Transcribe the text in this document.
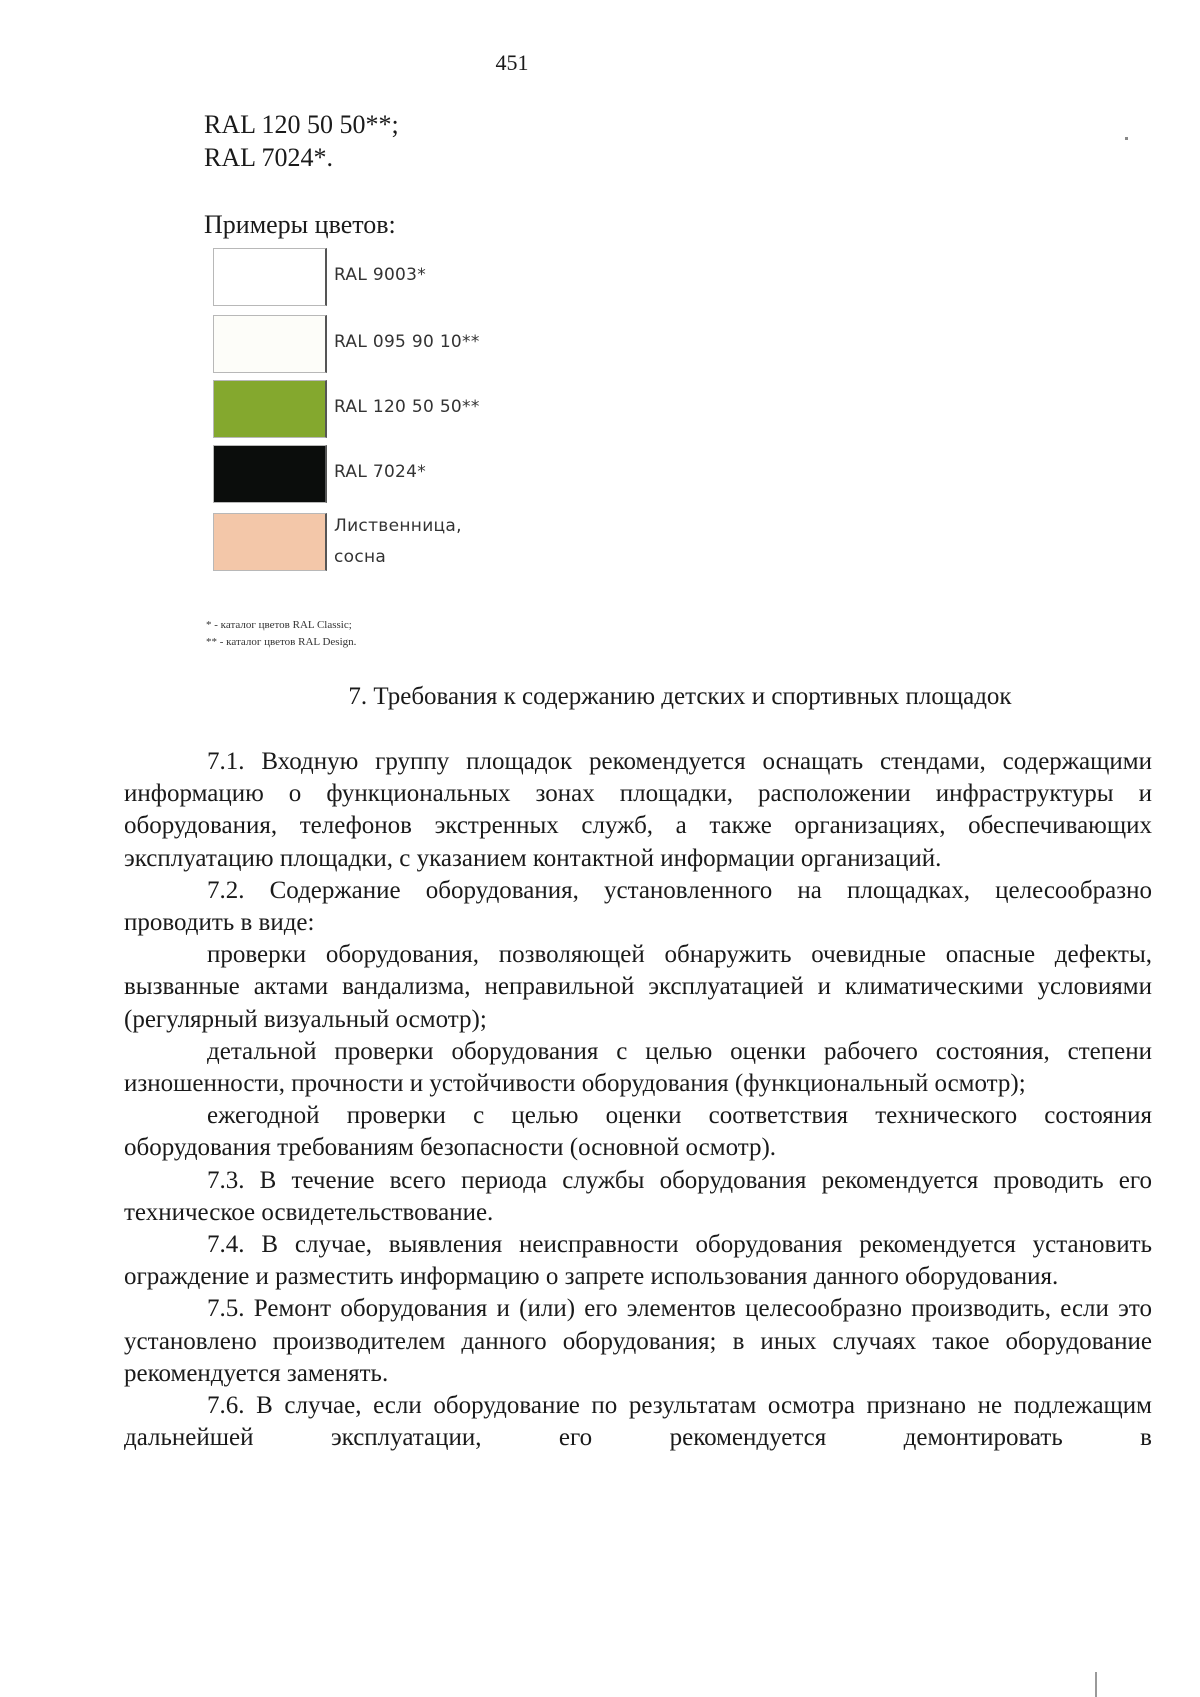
451
RAL 120 50 50**;
RAL 7024*.
Примеры цветов:
RAL 9003*
RAL 095 90 10**
RAL 120 50 50**
RAL 7024*
Лиственница, сосна
* - каталог цветов RAL Classic;
** - каталог цветов RAL Design.
7. Требования к содержанию детских и спортивных площадок

7.1. Входную группу площадок рекомендуется оснащать стендами, содержащими информацию о функциональных зонах площадки, расположении инфраструктуры и оборудования, телефонов экстренных служб, а также организациях, обеспечивающих эксплуатацию площадки, с указанием контактной информации организаций.

7.2. Содержание оборудования, установленного на площадках, целесообразно проводить в виде:

проверки оборудования, позволяющей обнаружить очевидные опасные дефекты, вызванные актами вандализма, неправильной эксплуатацией и климатическими условиями (регулярный визуальный осмотр);

детальной проверки оборудования с целью оценки рабочего состояния, степени изношенности, прочности и устойчивости оборудования (функциональный осмотр);

ежегодной проверки с целью оценки соответствия технического состояния оборудования требованиям безопасности (основной осмотр).

7.3. В течение всего периода службы оборудования рекомендуется проводить его техническое освидетельствование.

7.4. В случае, выявления неисправности оборудования рекомендуется установить ограждение и разместить информацию о запрете использования данного оборудования.

7.5. Ремонт оборудования и (или) его элементов целесообразно производить, если это установлено производителем данного оборудования; в иных случаях такое оборудование рекомендуется заменять.

7.6. В случае, если оборудование по результатам осмотра признано не подлежащим дальнейшей эксплуатации, его рекомендуется демонтировать в
